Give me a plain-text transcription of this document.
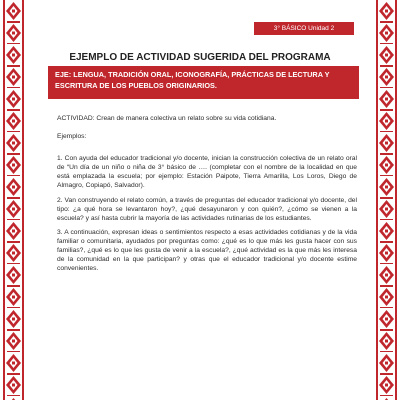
3° BÁSICO Unidad 2
EJEMPLO DE ACTIVIDAD SUGERIDA DEL PROGRAMA
EJE: LENGUA, TRADICIÓN ORAL, ICONOGRAFÍA, PRÁCTICAS DE LECTURA Y ESCRITURA DE LOS PUEBLOS ORIGINARIOS.

ACTIVIDAD: Crean de manera colectiva un relato sobre su vida cotidiana.

Ejemplos:

1. Con ayuda del educador tradicional y/o docente, inician la construcción colectiva de un relato oral de “Un día de un niño o niña de 3° básico de …. (completar con el nombre de la localidad en que está emplazada la escuela; por ejemplo: Estación Paipote, Tierra Amarilla, Los Loros, Diego de Almagro, Copiapó, Salvador).

2. Van construyendo el relato común, a través de preguntas del educador tradicional y/o docente, del tipo: ¿a qué hora se levantaron hoy?, ¿qué desayunaron y con quién?, ¿cómo se vienen a la escuela? y así hasta cubrir la mayoría de las actividades rutinarias de los estudiantes.

3. A continuación, expresan ideas o sentimientos respecto a esas actividades cotidianas y de la vida familiar o comunitaria, ayudados por preguntas como: ¿qué es lo que más les gusta hacer con sus familias?, ¿qué es lo que les gusta de venir a la escuela?, ¿qué actividad es la que más les interesa de la comunidad en la que participan? y otras que el educador tradicional y/o docente estime convenientes.
